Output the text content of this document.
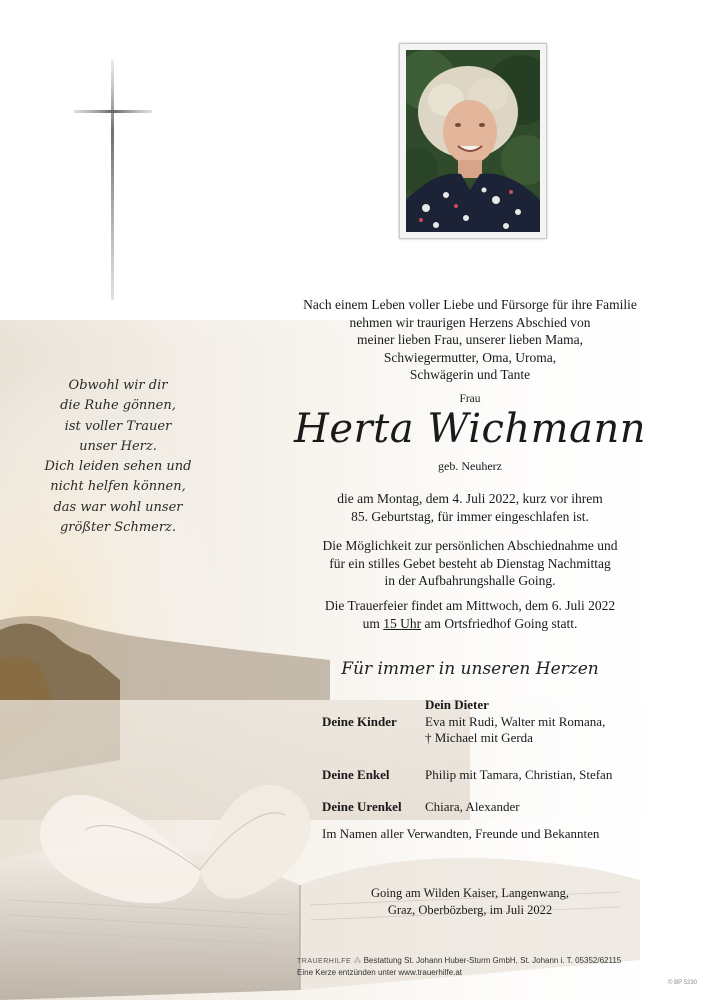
Obwohl wir dir
die Ruhe gönnen,
ist voller Trauer
unser Herz.
Dich leiden sehen und
nicht helfen können,
das war wohl unser
größter Schmerz.
Nach einem Leben voller Liebe und Fürsorge für ihre Familie
nehmen wir traurigen Herzens Abschied von
meiner lieben Frau, unserer lieben Mama,
Schwiegermutter, Oma, Uroma,
Schwägerin und Tante
Frau
Herta Wichmann
geb. Neuherz
die am Montag, dem 4. Juli 2022, kurz vor ihrem
85. Geburtstag, für immer eingeschlafen ist.
Die Möglichkeit zur persönlichen Abschiednahme und
für ein stilles Gebet besteht ab Dienstag Nachmittag
in der Aufbahrungshalle Going.
Die Trauerfeier findet am Mittwoch, dem 6. Juli 2022
um 15 Uhr am Ortsfriedhof Going statt.
Für immer in unseren Herzen
Dein Dieter
Deine Kinder	Eva mit Rudi, Walter mit Romana,
† Michael mit Gerda
Deine Enkel	Philip mit Tamara, Christian, Stefan
Deine Urenkel	Chiara, Alexander
Im Namen aller Verwandten, Freunde und Bekannten
Going am Wilden Kaiser, Langenwang,
Graz, Oberbözberg, im Juli 2022
TRAUERHILFE ⁂ Bestattung St. Johann Huber-Sturm GmbH, St. Johann i. T. 05352/62115
Eine Kerze entzünden unter www.trauerhilfe.at
© BP 5230
